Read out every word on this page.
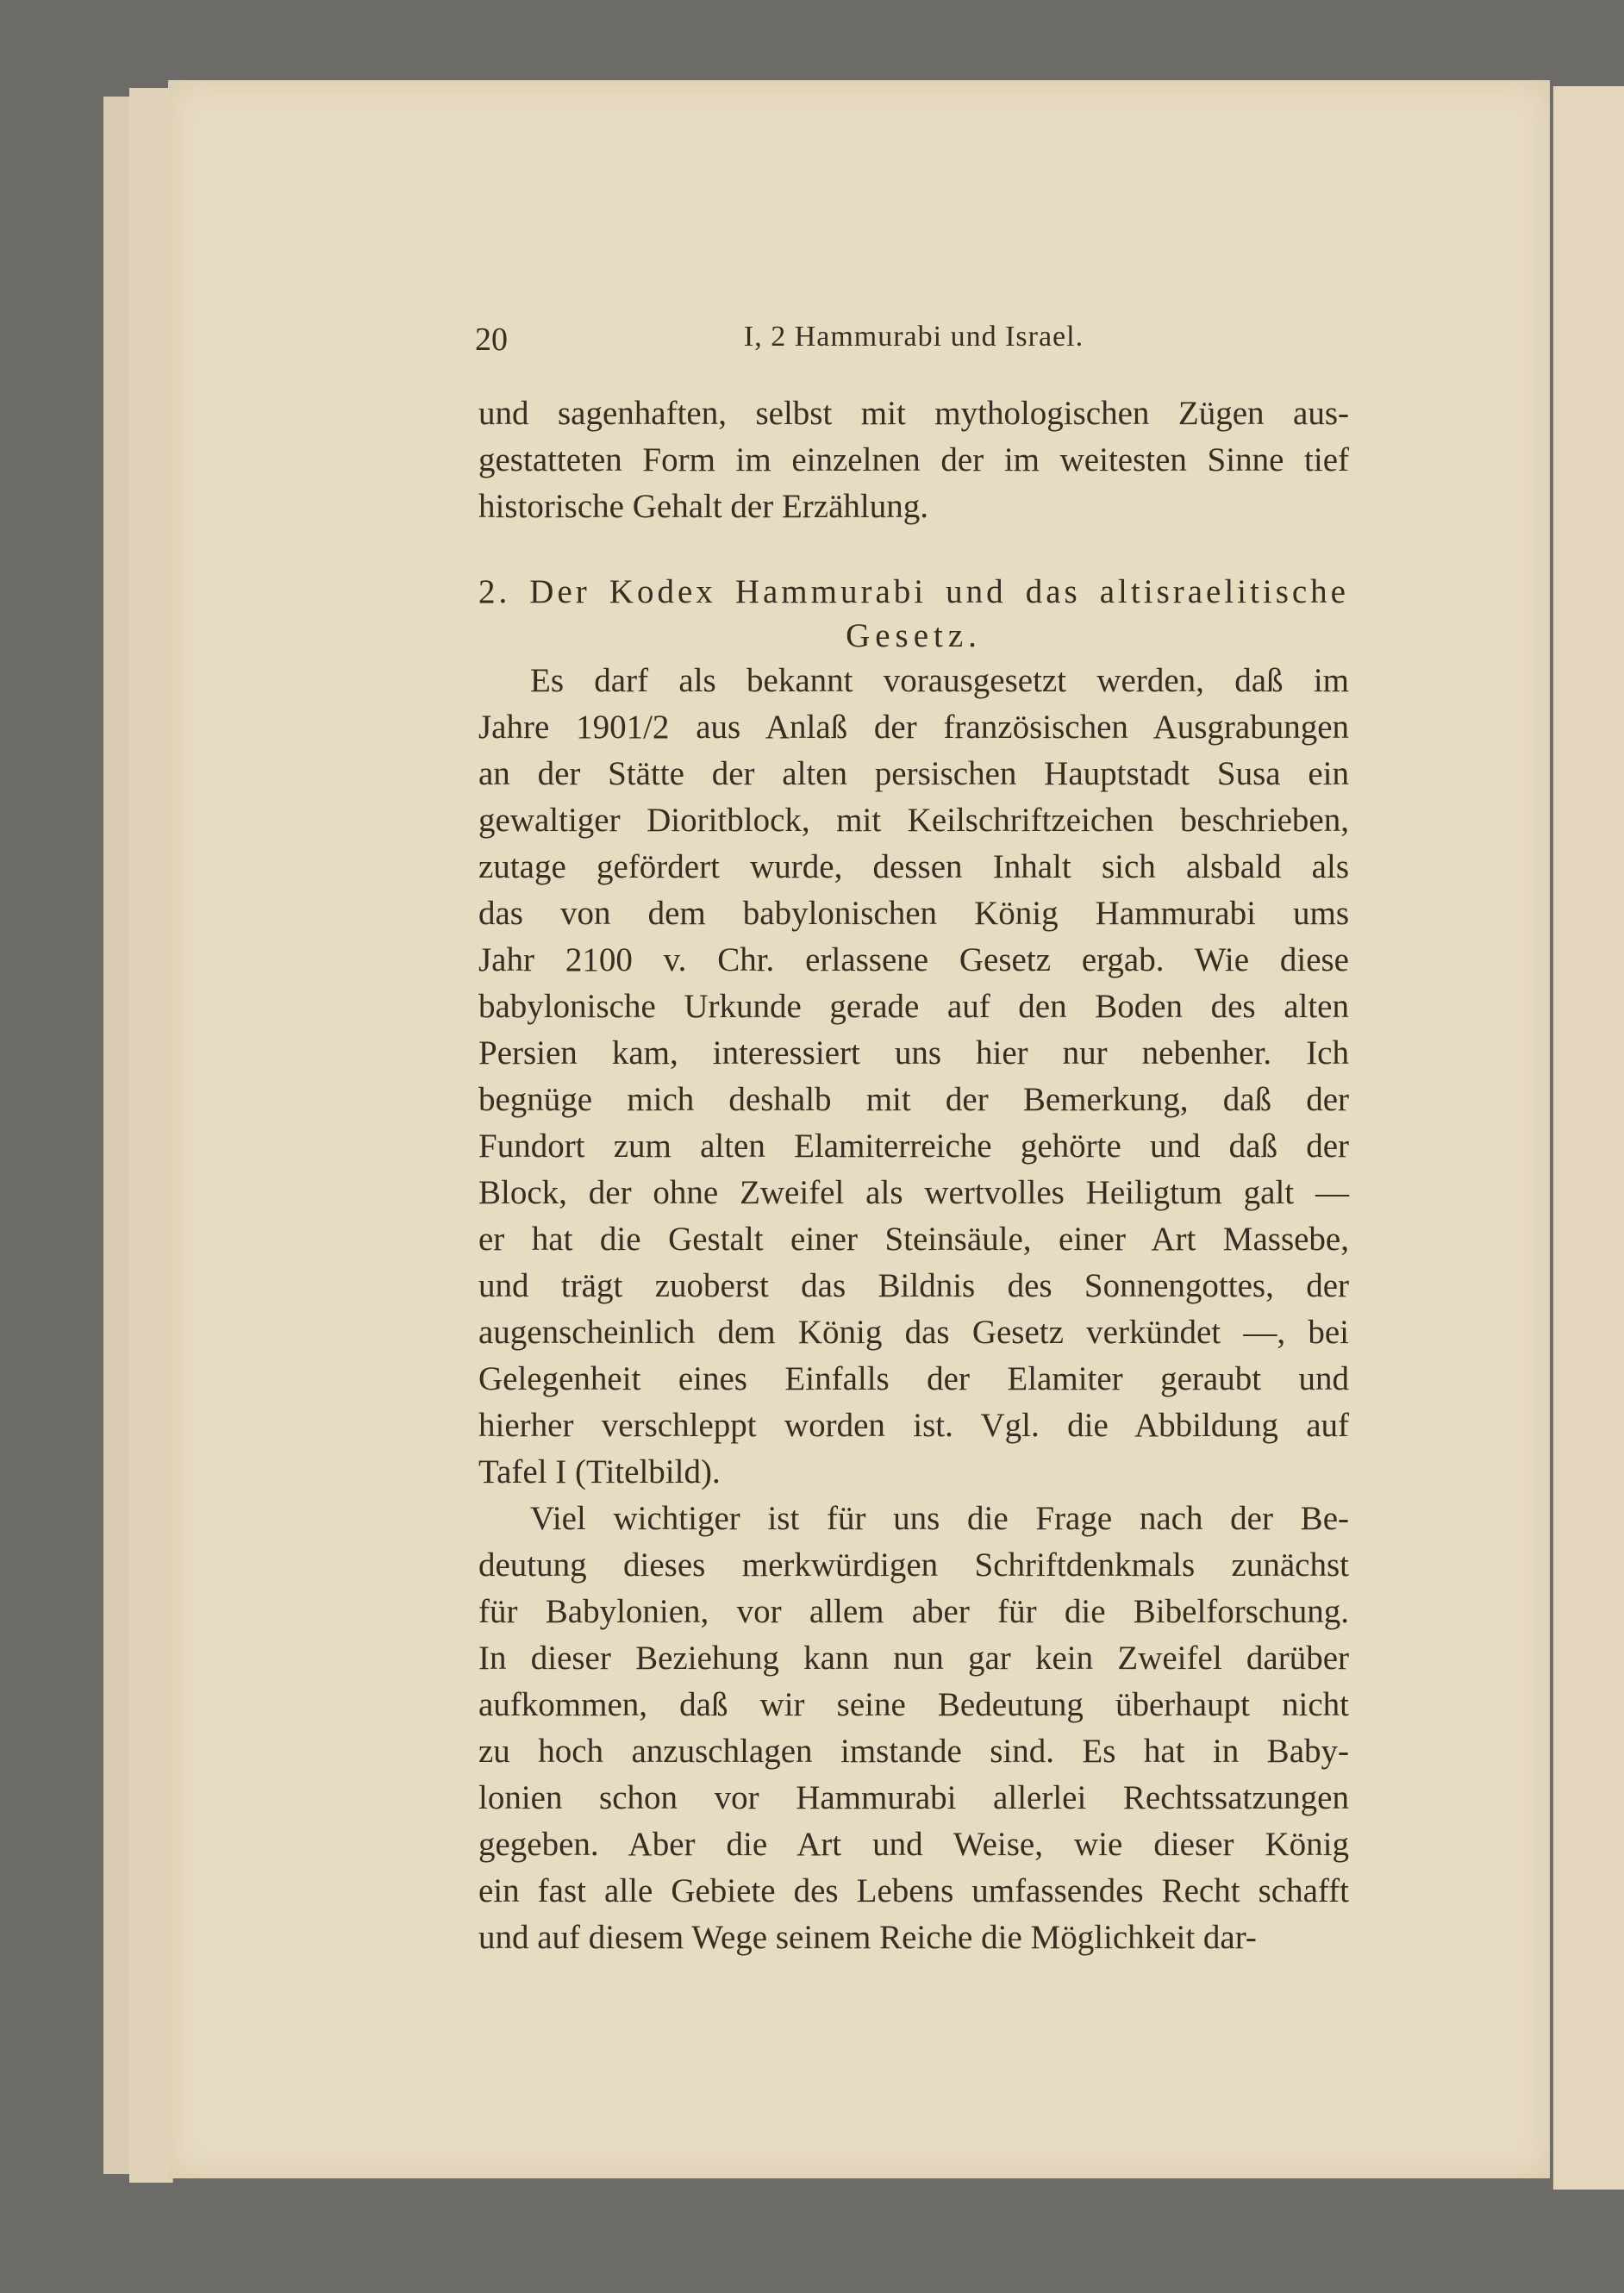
20	I, 2 Hammurabi und Israel.
und sagenhaften, selbst mit mythologischen Zügen aus-
gestatteten Form im einzelnen der im weitesten Sinne tief
historische Gehalt der Erzählung.
2. Der Kodex Hammurabi und das altisraelitische
Gesetz.
Es darf als bekannt vorausgesetzt werden, daß im
Jahre 1901/2 aus Anlaß der französischen Ausgrabungen
an der Stätte der alten persischen Hauptstadt Susa ein
gewaltiger Dioritblock, mit Keilschriftzeichen beschrieben,
zutage gefördert wurde, dessen Inhalt sich alsbald als
das von dem babylonischen König Hammurabi ums
Jahr 2100 v. Chr. erlassene Gesetz ergab. Wie diese
babylonische Urkunde gerade auf den Boden des alten
Persien kam, interessiert uns hier nur nebenher. Ich
begnüge mich deshalb mit der Bemerkung, daß der
Fundort zum alten Elamiterreiche gehörte und daß der
Block, der ohne Zweifel als wertvolles Heiligtum galt —
er hat die Gestalt einer Steinsäule, einer Art Massebe,
und trägt zuoberst das Bildnis des Sonnengottes, der
augenscheinlich dem König das Gesetz verkündet —, bei
Gelegenheit eines Einfalls der Elamiter geraubt und
hierher verschleppt worden ist. Vgl. die Abbildung auf
Tafel I (Titelbild).
Viel wichtiger ist für uns die Frage nach der Be-
deutung dieses merkwürdigen Schriftdenkmals zunächst
für Babylonien, vor allem aber für die Bibelforschung.
In dieser Beziehung kann nun gar kein Zweifel darüber
aufkommen, daß wir seine Bedeutung überhaupt nicht
zu hoch anzuschlagen imstande sind. Es hat in Baby-
lonien schon vor Hammurabi allerlei Rechtssatzungen
gegeben. Aber die Art und Weise, wie dieser König
ein fast alle Gebiete des Lebens umfassendes Recht schafft
und auf diesem Wege seinem Reiche die Möglichkeit dar-
